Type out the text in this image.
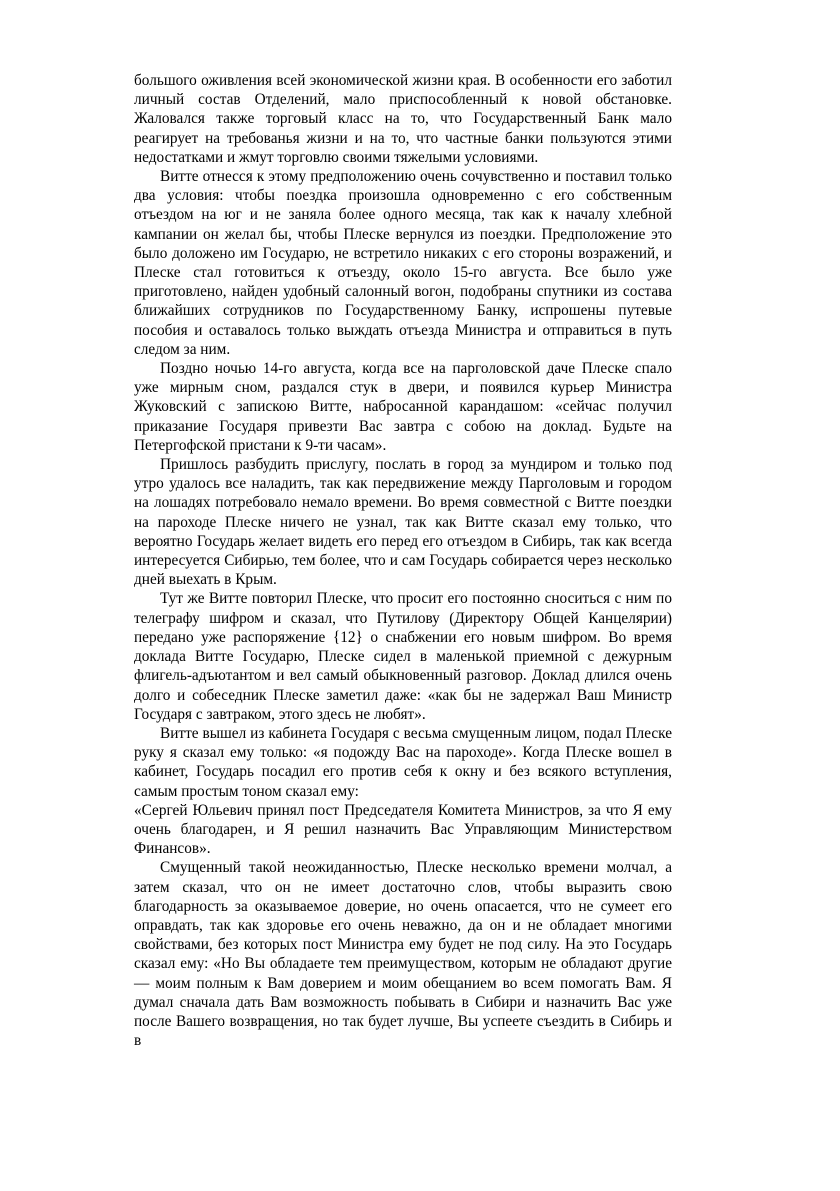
большого оживления всей экономической жизни края. В особенности его заботил личный состав Отделений, мало приспособленный к новой обстановке. Жаловался также торговый класс на то, что Государственный Банк мало реагирует на требованья жизни и на то, что частные банки пользуются этими недостатками и жмут торговлю своими тяжелыми условиями.

Витте отнесся к этому предположению очень сочувственно и поставил только два условия: чтобы поездка произошла одновременно с его собственным отъездом на юг и не заняла более одного месяца, так как к началу хлебной кампании он желал бы, чтобы Плеске вернулся из поездки. Предположение это было доложено им Государю, не встретило никаких с его стороны возражений, и Плеске стал готовиться к отъезду, около 15-го августа. Все было уже приготовлено, найден удобный салонный вогон, подобраны спутники из состава ближайших сотрудников по Государственному Банку, испрошены путевые пособия и оставалось только выждать отъезда Министра и отправиться в путь следом за ним.

Поздно ночью 14-го августа, когда все на парголовской даче Плеске спало уже мирным сном, раздался стук в двери, и появился курьер Министра Жуковский с запискою Витте, набросанной карандашом: «сейчас получил приказание Государя привезти Вас завтра с собою на доклад. Будьте на Петергофской пристани к 9-ти часам».

Пришлось разбудить прислугу, послать в город за мундиром и только под утро удалось все наладить, так как передвижение между Парголовым и городом на лошадях потребовало немало времени. Во время совместной с Витте поездки на пароходе Плеске ничего не узнал, так как Витте сказал ему только, что вероятно Государь желает видеть его перед его отъездом в Сибирь, так как всегда интересуется Сибирью, тем более, что и сам Государь собирается через несколько дней выехать в Крым.

Тут же Витте повторил Плеске, что просит его постоянно сноситься с ним по телеграфу шифром и сказал, что Путилову (Директору Общей Канцелярии) передано уже распоряжение {12} о снабжении его новым шифром. Во время доклада Витте Государю, Плеске сидел в маленькой приемной с дежурным флигель-адъютантом и вел самый обыкновенный разговор. Доклад длился очень долго и собеседник Плеске заметил даже: «как бы не задержал Ваш Министр Государя с завтраком, этого здесь не любят».

Витте вышел из кабинета Государя с весьма смущенным лицом, подал Плеске руку я сказал ему только: «я подожду Вас на пароходе». Когда Плеске вошел в кабинет, Государь посадил его против себя к окну и без всякого вступления, самым простым тоном сказал ему:

«Сергей Юльевич принял пост Председателя Комитета Министров, за что Я ему очень благодарен, и Я решил назначить Вас Управляющим Министерством Финансов».

Смущенный такой неожиданностью, Плеске несколько времени молчал, а затем сказал, что он не имеет достаточно слов, чтобы выразить свою благодарность за оказываемое доверие, но очень опасается, что не сумеет его оправдать, так как здоровье его очень неважно, да он и не обладает многими свойствами, без которых пост Министра ему будет не под силу. На это Государь сказал ему: «Но Вы обладаете тем преимуществом, которым не обладают другие — моим полным к Вам доверием и моим обещанием во всем помогать Вам. Я думал сначала дать Вам возможность побывать в Сибири и назначить Вас уже после Вашего возвращения, но так будет лучше, Вы успеете съездить в Сибирь и в
